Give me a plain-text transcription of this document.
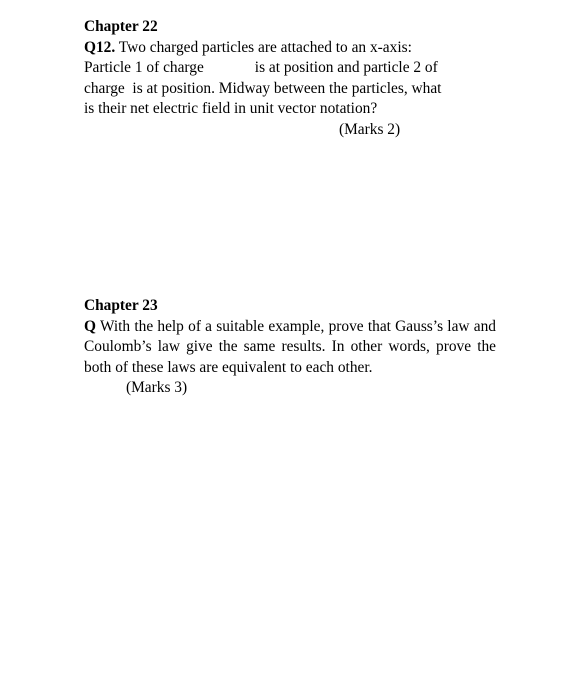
Chapter 22
Q12. Two charged particles are attached to an x-axis:
Particle 1 of charge	is at position and particle 2 of
charge  is at position. Midway between the particles, what
is their net electric field in unit vector notation?
(Marks 2)
Chapter 23
Q With the help of a suitable example, prove that Gauss’s law and Coulomb’s law give the same results. In other words, prove the both of these laws are equivalent to each other.
(Marks 3)
